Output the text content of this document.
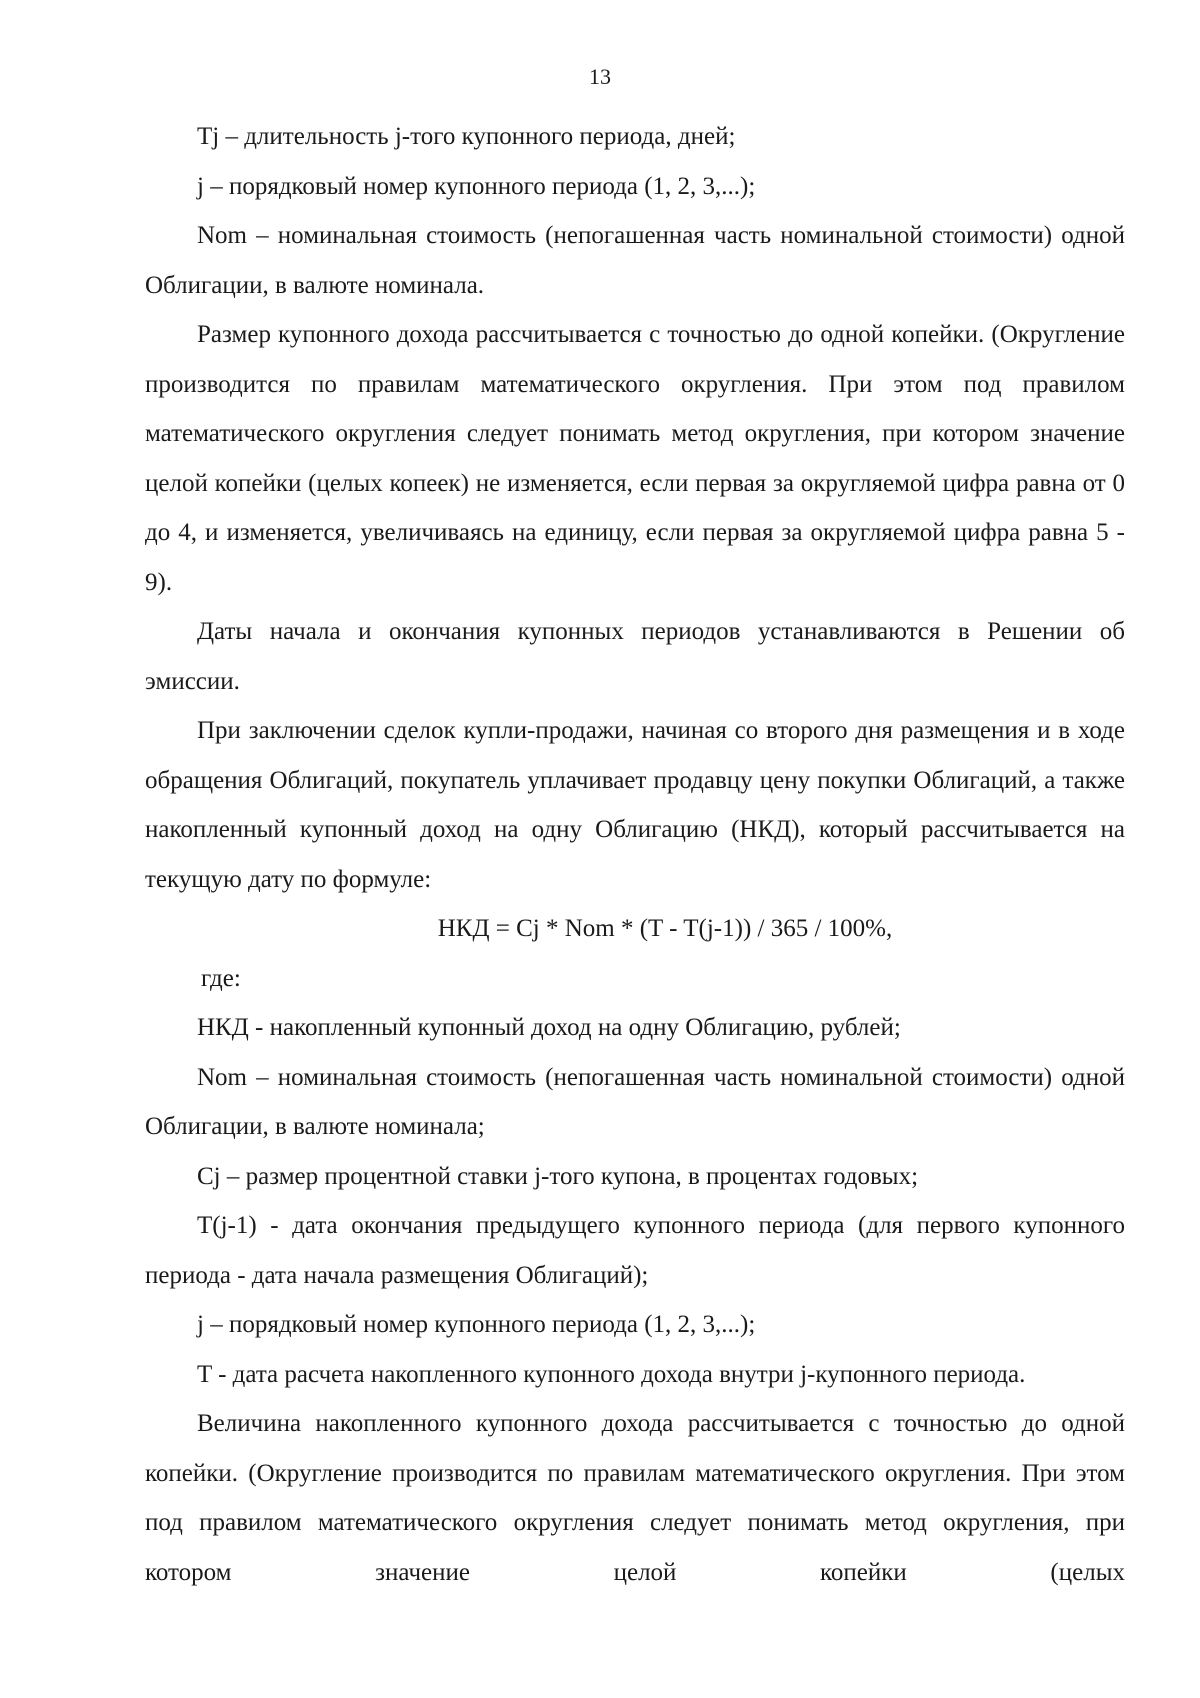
13

Tj – длительность j-того купонного периода, дней;

j – порядковый номер купонного периода (1, 2, 3,...);

Nom – номинальная стоимость (непогашенная часть номинальной стоимости) одной Облигации, в валюте номинала.

Размер купонного дохода рассчитывается с точностью до одной копейки. (Округление производится по правилам математического округления. При этом под правилом математического округления следует понимать метод округления, при котором значение целой копейки (целых копеек) не изменяется, если первая за округляемой цифра равна от 0 до 4, и изменяется, увеличиваясь на единицу, если первая за округляемой цифра равна 5 - 9).

Даты начала и окончания купонных периодов устанавливаются в Решении об эмиссии.

При заключении сделок купли-продажи, начиная со второго дня размещения и в ходе обращения Облигаций, покупатель уплачивает продавцу цену покупки Облигаций, а также накопленный купонный доход на одну Облигацию (НКД), который рассчитывается на текущую дату по формуле:

НКД = Cj * Nom * (T - T(j-1)) / 365 / 100%,

где:

НКД - накопленный купонный доход на одну Облигацию, рублей;

Nom – номинальная стоимость (непогашенная часть номинальной стоимости) одной Облигации, в валюте номинала;

Cj – размер процентной ставки j-того купона, в процентах годовых;

T(j-1) - дата окончания предыдущего купонного периода (для первого купонного периода - дата начала размещения Облигаций);

j – порядковый номер купонного периода (1, 2, 3,...);

T - дата расчета накопленного купонного дохода внутри j-купонного периода.

Величина накопленного купонного дохода рассчитывается с точностью до одной копейки. (Округление производится по правилам математического округления. При этом под правилом математического округления следует понимать метод округления, при котором значение целой копейки (целых
